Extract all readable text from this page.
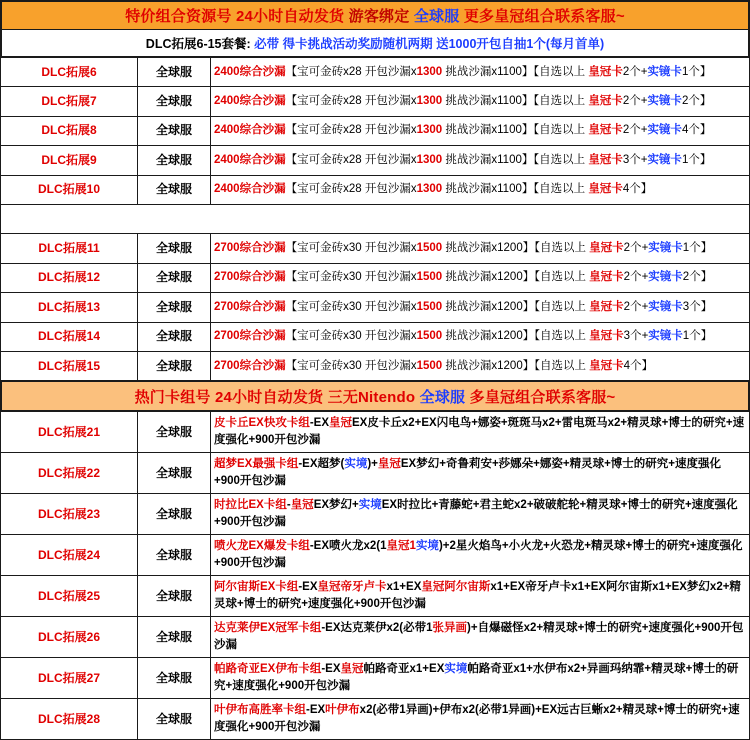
特价组合资源号 24小时自动发货
游客绑定
全球服
更多皇冠组合联系客服~
DLC拓展6-15套餐:
必带 得卡挑战活动奖励随机两期 送1000开包自抽1个(每月首单)
DLC拓展6	全球服	2400综合沙漏【宝可金砖x28 开包沙漏x1300 挑战沙漏x1100】【自选以上 皇冠卡2个+实镜卡1个】
DLC拓展7	全球服	2400综合沙漏【宝可金砖x28 开包沙漏x1300 挑战沙漏x1100】【自选以上 皇冠卡2个+实镜卡2个】
DLC拓展8	全球服	2400综合沙漏【宝可金砖x28 开包沙漏x1300 挑战沙漏x1100】【自选以上 皇冠卡2个+实镜卡4个】
DLC拓展9	全球服	2400综合沙漏【宝可金砖x28 开包沙漏x1300 挑战沙漏x1100】【自选以上 皇冠卡3个+实镜卡1个】
DLC拓展10	全球服	2400综合沙漏【宝可金砖x28 开包沙漏x1300 挑战沙漏x1100】【自选以上 皇冠卡4个】

DLC拓展11	全球服	2700综合沙漏【宝可金砖x30 开包沙漏x1500 挑战沙漏x1200】【自选以上 皇冠卡2个+实镜卡1个】
DLC拓展12	全球服	2700综合沙漏【宝可金砖x30 开包沙漏x1500 挑战沙漏x1200】【自选以上 皇冠卡2个+实镜卡2个】
DLC拓展13	全球服	2700综合沙漏【宝可金砖x30 开包沙漏x1500 挑战沙漏x1200】【自选以上 皇冠卡2个+实镜卡3个】
DLC拓展14	全球服	2700综合沙漏【宝可金砖x30 开包沙漏x1500 挑战沙漏x1200】【自选以上 皇冠卡3个+实镜卡1个】
DLC拓展15	全球服	2700综合沙漏【宝可金砖x30 开包沙漏x1500 挑战沙漏x1200】【自选以上 皇冠卡4个】
热门卡组号 24小时自动发货
三无Nitendo
全球服
多皇冠组合联系客服~
DLC拓展21	全球服	皮卡丘EX快攻卡组-EX皇冠EX皮卡丘x2+EX闪电鸟+娜姿+斑斑马x2+雷电斑马x2+精灵球+博士的研究+速度强化+900开包沙漏
DLC拓展22	全球服	超梦EX最强卡组-EX超梦(实境)+皇冠EX梦幻+奇鲁莉安+莎娜朵+娜姿+精灵球+博士的研究+速度强化+900开包沙漏
DLC拓展23	全球服	时拉比EX卡组-皇冠EX梦幻+实境EX时拉比+青藤蛇+君主蛇x2+破破舵轮+精灵球+博士的研究+速度强化+900开包沙漏
DLC拓展24	全球服	喷火龙EX爆发卡组-EX喷火龙x2(1皇冠1实境)+2星火焰鸟+小火龙+火恐龙+精灵球+博士的研究+速度强化+900开包沙漏
DLC拓展25	全球服	阿尔宙斯EX卡组-EX皇冠帝牙卢卡x1+EX皇冠阿尔宙斯x1+EX帝牙卢卡x1+EX阿尔宙斯x1+EX梦幻x2+精灵球+博士的研究+速度强化+900开包沙漏
DLC拓展26	全球服	达克莱伊EX冠军卡组-EX达克莱伊x2(必带1张异画)+自爆磁怪x2+精灵球+博士的研究+速度强化+900开包沙漏
DLC拓展27	全球服	帕路奇亚EX伊布卡组-EX皇冠帕路奇亚x1+EX实境帕路奇亚x1+水伊布x2+异画玛纳霏+精灵球+博士的研究+速度强化+900开包沙漏
DLC拓展28	全球服	叶伊布高胜率卡组-EX叶伊布x2(必带1异画)+伊布x2(必带1异画)+EX远古巨蜥x2+精灵球+博士的研究+速度强化+900开包沙漏
